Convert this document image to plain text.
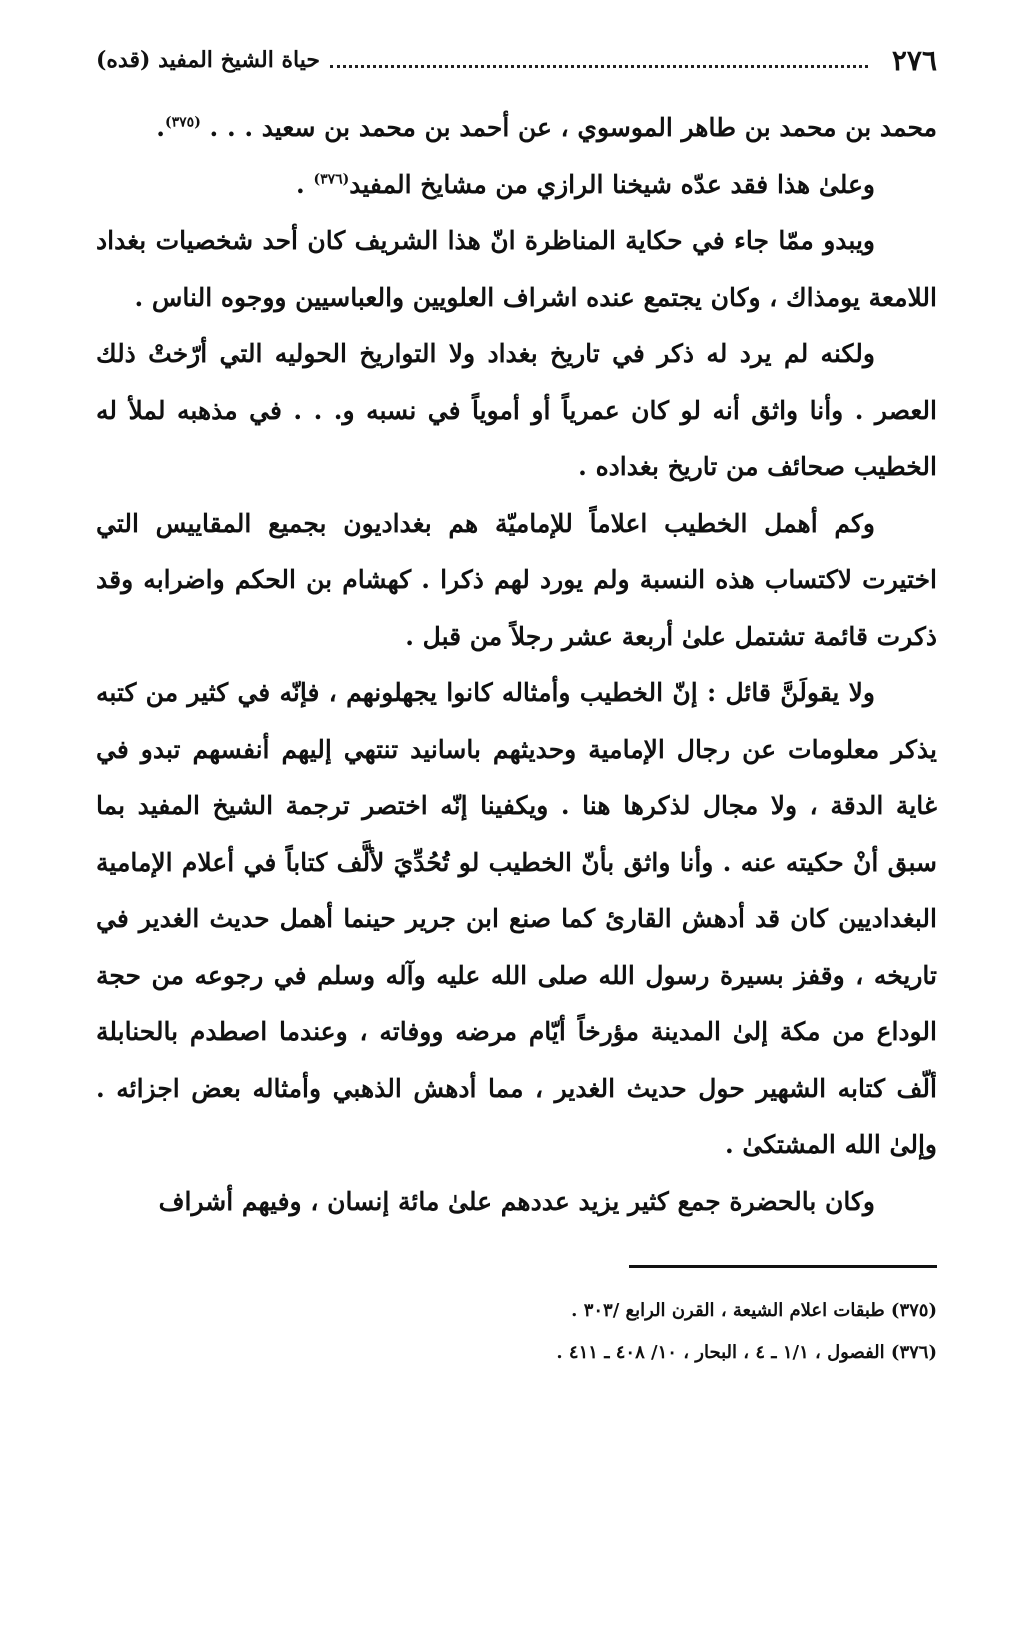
٢٧٦
حياة الشيخ المفيد (قده)

محمد بن محمد بن طاهر الموسوي ، عن أحمد بن محمد بن سعيد . . . $^{(٣٧٥)}$.

وعلىٰ هذا فقد عدّه شيخنا الرازي من مشايخ المفيد$^{(٣٧٦)}$ .

ويبدو ممّا جاء في حكاية المناظرة انّ هذا الشريف كان أحد شخصيات بغداد اللامعة يومذاك ، وكان يجتمع عنده اشراف العلويين والعباسيين ووجوه الناس .

ولكنه لم يرد له ذكر في تاريخ بغداد ولا التواريخ الحوليه التي أرّختْ ذلك العصر . وأنا واثق أنه لو كان عمرياً أو أموياً في نسبه و. . . في مذهبه لملأ له الخطيب صحائف من تاريخ بغداده .

وكم أهمل الخطيب اعلاماً للإماميّة هم بغداديون بجميع المقاييس التي اختيرت لاكتساب هذه النسبة ولم يورد لهم ذكرا . كهشام بن الحكم واضرابه وقد ذكرت قائمة تشتمل علىٰ أربعة عشر رجلاً من قبل .

ولا يقولَنَّ قائل : إنّ الخطيب وأمثاله كانوا يجهلونهم ، فإنّه في كثير من كتبه يذكر معلومات عن رجال الإمامية وحديثهم باسانيد تنتهي إليهم أنفسهم تبدو في غاية الدقة ، ولا مجال لذكرها هنا . ويكفينا إنّه اختصر ترجمة الشيخ المفيد بما سبق أنْ حكيته عنه . وأنا واثق بأنّ الخطيب لو تُحُدِّيَ لألَّف كتاباً في أعلام الإمامية البغداديين كان قد أدهش القارئ كما صنع ابن جرير حينما أهمل حديث الغدير في تاريخه ، وقفز بسيرة رسول الله صلى الله عليه وآله وسلم في رجوعه من حجة الوداع من مكة إلىٰ المدينة مؤرخاً أيّام مرضه ووفاته ، وعندما اصطدم بالحنابلة ألّف كتابه الشهير حول حديث الغدير ، مما أدهش الذهبي وأمثاله بعض اجزائه . وإلىٰ الله المشتكىٰ .

وكان بالحضرة جمع كثير يزيد عددهم علىٰ مائة إنسان ، وفيهم أشراف

(٣٧٥) طبقات اعلام الشيعة ، القرن الرابع /٣٠٣ .
(٣٧٦) الفصول ، ١/١ ـ ٤ ، البحار ، ١٠/ ٤٠٨ ـ ٤١١ .
